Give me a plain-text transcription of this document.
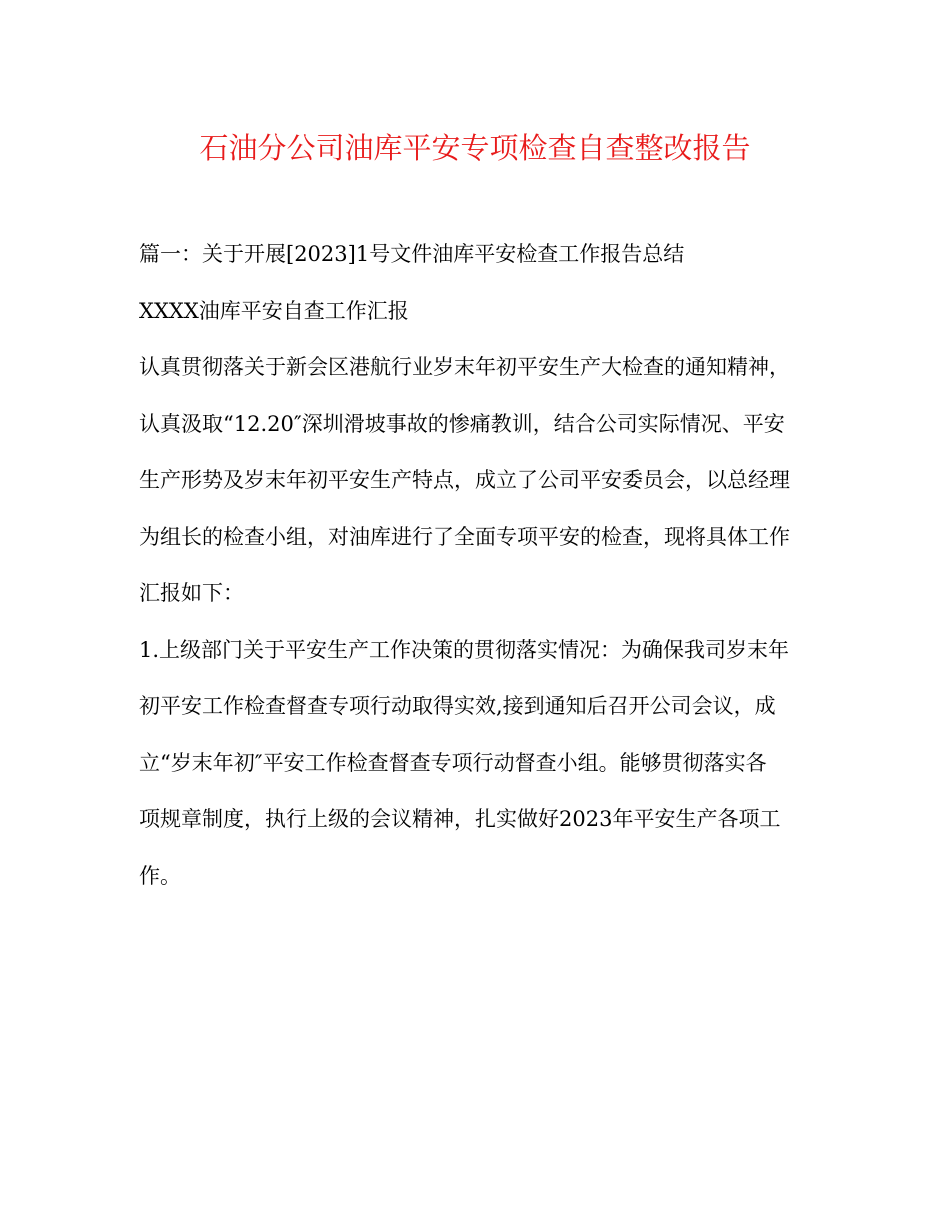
石油分公司油库平安专项检查自查整改报告

篇一：关于开展[2023]1号文件油库平安检查工作报告总结

XXXX油库平安自查工作汇报

认真贯彻落关于新会区港航行业岁末年初平安生产大检查的通知精神，
认真汲取“12.20″深圳滑坡事故的惨痛教训，结合公司实际情况、平安
生产形势及岁末年初平安生产特点，成立了公司平安委员会，以总经理
为组长的检查小组，对油库进行了全面专项平安的检查，现将具体工作
汇报如下：

1.上级部门关于平安生产工作决策的贯彻落实情况：为确保我司岁末年
初平安工作检查督查专项行动取得实效,接到通知后召开公司会议，成
立“岁末年初″平安工作检查督查专项行动督查小组。能够贯彻落实各
项规章制度，执行上级的会议精神，扎实做好2023年平安生产各项工
作。
